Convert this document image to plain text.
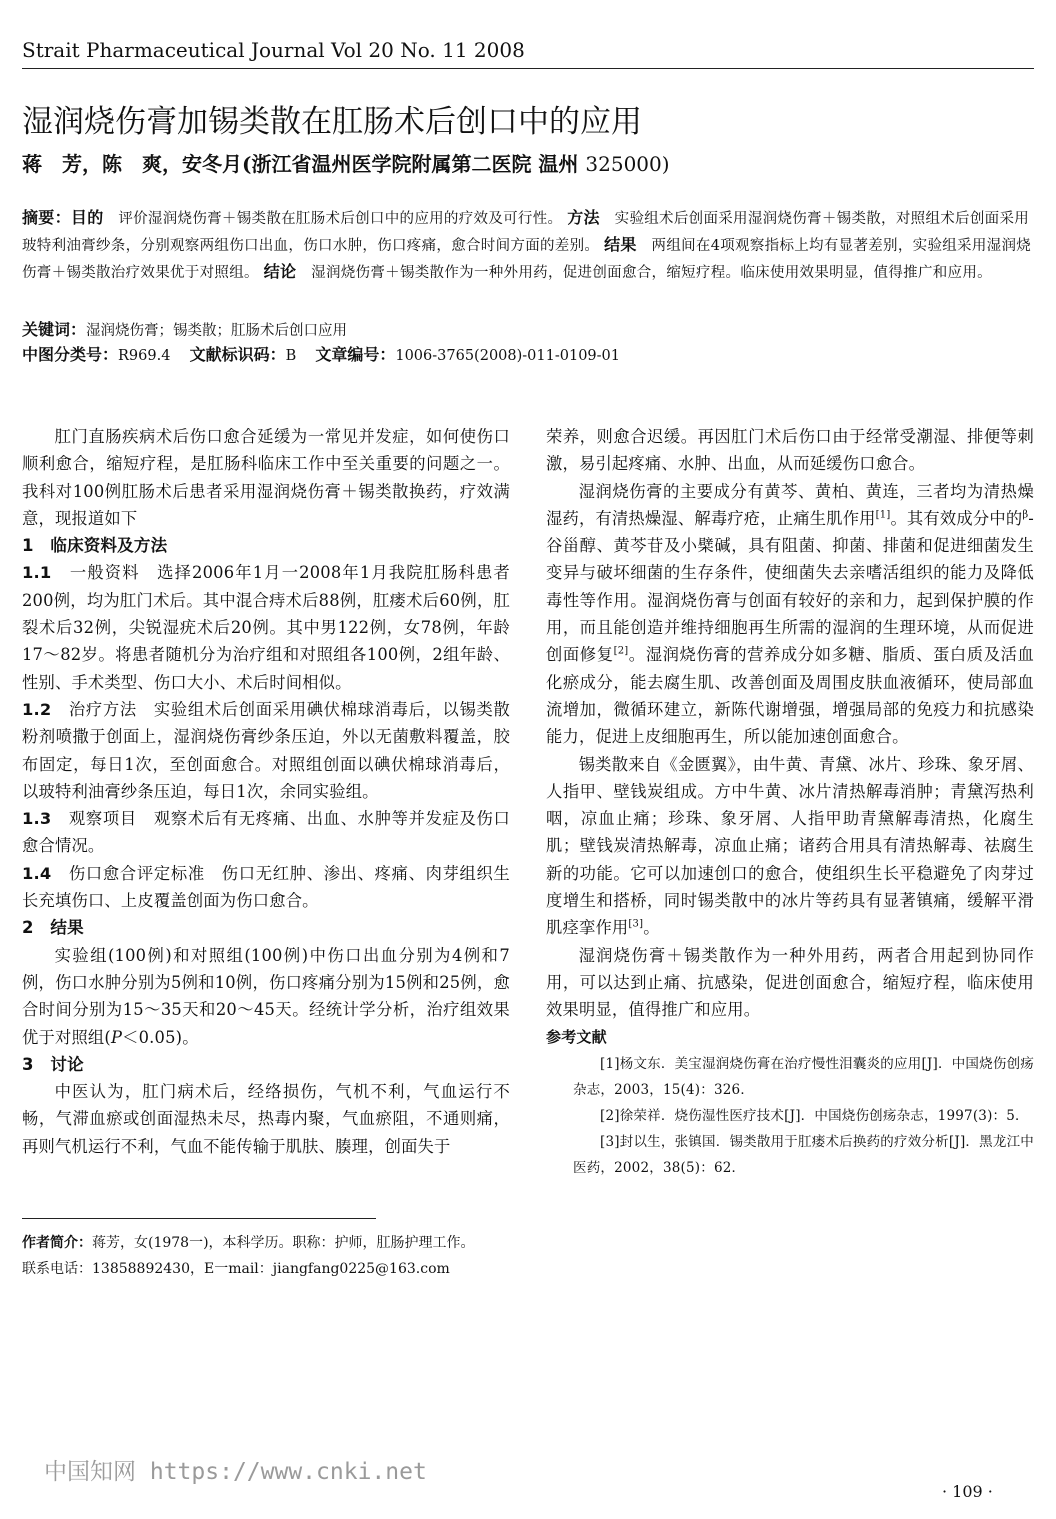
Strait Pharmaceutical Journal Vol 20 No. 11 2008
湿润烧伤膏加锡类散在肛肠术后创口中的应用
蒋　芳，陈　爽，安冬月(浙江省温州医学院附属第二医院 温州 325000)
摘要：目的　评价湿润烧伤膏＋锡类散在肛肠术后创口中的应用的疗效及可行性。 方法　实验组术后创面采用湿润烧伤膏＋锡类散，对照组术后创面采用玻特利油膏纱条，分别观察两组伤口出血，伤口水肿，伤口疼痛，愈合时间方面的差别。 结果　两组间在4项观察指标上均有显著差别，实验组采用湿润烧伤膏＋锡类散治疗效果优于对照组。 结论　湿润烧伤膏＋锡类散作为一种外用药，促进创面愈合，缩短疗程。临床使用效果明显，值得推广和应用。
关键词：湿润烧伤膏；锡类散；肛肠术后创口应用
中图分类号：R969.4　 文献标识码：B　 文章编号：1006-3765(2008)-011-0109-01

肛门直肠疾病术后伤口愈合延缓为一常见并发症，如何使伤口顺利愈合，缩短疗程，是肛肠科临床工作中至关重要的问题之一。我科对100例肛肠术后患者采用湿润烧伤膏＋锡类散换药，疗效满意，现报道如下

1　临床资料及方法

1.1　一般资料　选择2006年1月一2008年1月我院肛肠科患者200例，均为肛门术后。其中混合痔术后88例，肛瘘术后60例，肛裂术后32例，尖锐湿疣术后20例。其中男122例，女78例，年龄17～82岁。将患者随机分为治疗组和对照组各100例，2组年龄、性别、手术类型、伤口大小、术后时间相似。

1.2　治疗方法　实验组术后创面采用碘伏棉球消毒后，以锡类散粉剂喷撒于创面上，湿润烧伤膏纱条压迫，外以无菌敷料覆盖，胶布固定，每日1次，至创面愈合。对照组创面以碘伏棉球消毒后，以玻特利油膏纱条压迫，每日1次，余同实验组。

1.3　观察项目　观察术后有无疼痛、出血、水肿等并发症及伤口愈合情况。

1.4　伤口愈合评定标准　伤口无红肿、渗出、疼痛、肉芽组织生长充填伤口、上皮覆盖创面为伤口愈合。

2　结果

实验组(100例)和对照组(100例)中伤口出血分别为4例和7例，伤口水肿分别为5例和10例，伤口疼痛分别为15例和25例，愈合时间分别为15～35天和20～45天。经统计学分析，治疗组效果优于对照组(P＜0.05)。

3　讨论

中医认为，肛门病术后，经络损伤，气机不利，气血运行不畅，气滞血瘀或创面湿热未尽，热毒内聚，气血瘀阻，不通则痛，再则气机运行不利，气血不能传输于肌肤、腠理，创面失于

荣养，则愈合迟缓。再因肛门术后伤口由于经常受潮湿、排便等刺激，易引起疼痛、水肿、出血，从而延缓伤口愈合。

湿润烧伤膏的主要成分有黄芩、黄柏、黄连，三者均为清热燥湿药，有清热燥湿、解毒疗疮，止痛生肌作用[1]。其有效成分中的$^\beta$-谷甾醇、黄芩苷及小檗碱，具有阻菌、抑菌、排菌和促进细菌发生变异与破坏细菌的生存条件，使细菌失去亲嗜活组织的能力及降低毒性等作用。湿润烧伤膏与创面有较好的亲和力，起到保护膜的作用，而且能创造并维持细胞再生所需的湿润的生理环境，从而促进创面修复[2]。湿润烧伤膏的营养成分如多糖、脂质、蛋白质及活血化瘀成分，能去腐生肌、改善创面及周围皮肤血液循环，使局部血流增加，微循环建立，新陈代谢增强，增强局部的免疫力和抗感染能力，促进上皮细胞再生，所以能加速创面愈合。

锡类散来自《金匮翼》，由牛黄、青黛、冰片、珍珠、象牙屑、人指甲、壁钱炭组成。方中牛黄、冰片清热解毒消肿；青黛泻热利咽，凉血止痛；珍珠、象牙屑、人指甲助青黛解毒清热，化腐生肌；壁钱炭清热解毒，凉血止痛；诸药合用具有清热解毒、祛腐生新的功能。它可以加速创口的愈合，使组织生长平稳避免了肉芽过度增生和搭桥，同时锡类散中的冰片等药具有显著镇痛，缓解平滑肌痉挛作用[3]。

湿润烧伤膏＋锡类散作为一种外用药，两者合用起到协同作用，可以达到止痛、抗感染，促进创面愈合，缩短疗程，临床使用效果明显，值得推广和应用。

参考文献

[1]杨文东．美宝湿润烧伤膏在治疗慢性泪囊炎的应用[J]．中国烧伤创疡杂志，2003，15(4)：326．

[2]徐荣祥．烧伤湿性医疗技术[J]．中国烧伤创疡杂志，1997(3)：5．

[3]封以生，张镇国．锡类散用于肛瘘术后换药的疗效分析[J]．黑龙江中医药，2002，38(5)：62．

作者简介：蒋芳，女(1978一)，本科学历。职称：护师，肛肠护理工作。
联系电话：13858892430，E一mail：jiangfang0225@163.com
中国知网 https://www.cnki.net
· 109 ·
